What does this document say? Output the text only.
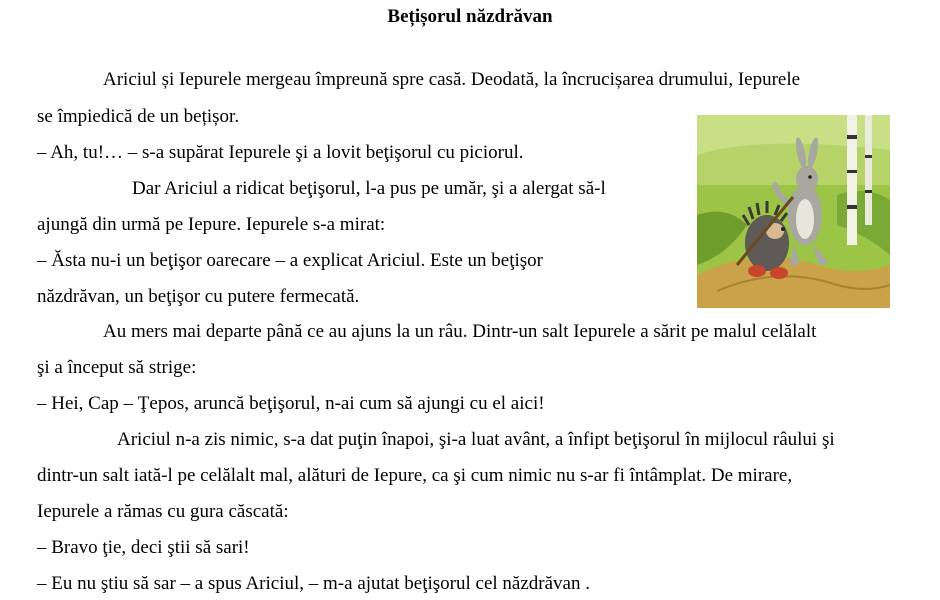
Bețișorul năzdrăvan
Ariciul și Iepurele mergeau împreună spre casă. Deodată, la încrucișarea drumului, Iepurele
se împiedică de un bețișor.
– Ah, tu!… – s-a supărat Iepurele şi a lovit beţişorul cu piciorul.
Dar Ariciul a ridicat beţişorul, l-a pus pe umăr, şi a alergat să-l
ajungă din urmă pe Iepure. Iepurele s-a mirat:
– Ăsta nu-i un beţişor oarecare – a explicat Ariciul. Este un beţişor
năzdrăvan, un beţişor cu putere fermecată.
Au mers mai departe până ce au ajuns la un râu. Dintr-un salt Iepurele a sărit pe malul celălalt
şi a început să strige:
– Hei, Cap – Ţepos, aruncă beţişorul, n-ai cum să ajungi cu el aici!
Ariciul n-a zis nimic, s-a dat puţin înapoi, şi-a luat avânt, a înfipt beţişorul în mijlocul râului şi
dintr-un salt iată-l pe celălalt mal, alături de Iepure, ca şi cum nimic nu s-ar fi întâmplat. De mirare,
Iepurele a rămas cu gura căscată:
– Bravo ţie, deci ştii să sari!
– Eu nu ştiu să sar – a spus Ariciul, – m-a ajutat beţişorul cel năzdrăvan .
